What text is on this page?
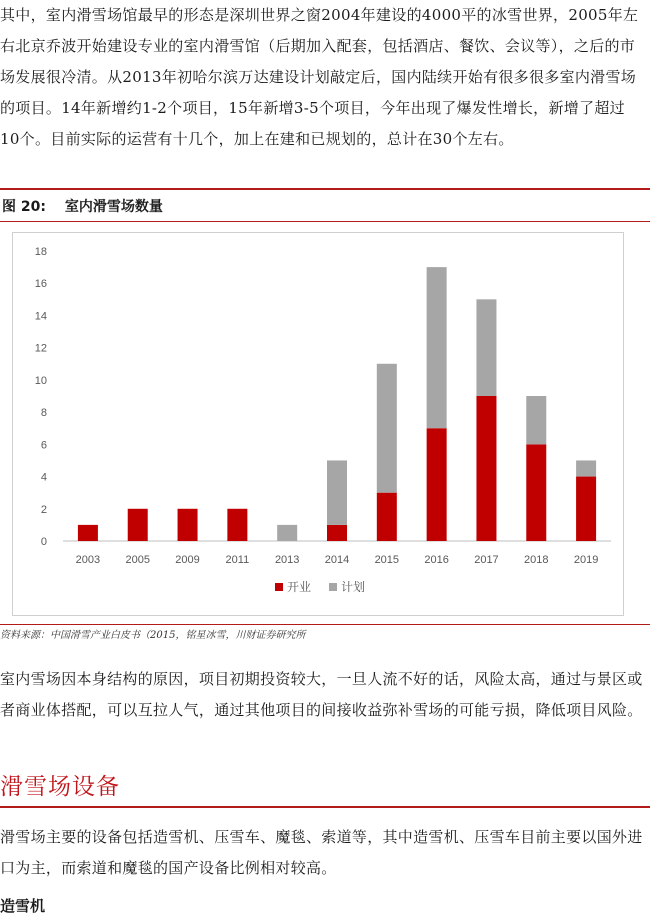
其中，室内滑雪场馆最早的形态是深圳世界之窗2004年建设的4000平的冰雪世界，2005年左右北京乔波开始建设专业的室内滑雪馆（后期加入配套，包括酒店、餐饮、会议等），之后的市场发展很冷清。从2013年初哈尔滨万达建设计划敲定后，国内陆续开始有很多很多室内滑雪场的项目。14年新增约1-2个项目，15年新增3-5个项目，今年出现了爆发性增长，新增了超过10个。目前实际的运营有十几个，加上在建和已规划的，总计在30个左右。

图 20: 室内滑雪场数量
0
2
4
6
8
10
12
14
16
18
2003 2005 2009 2011 2013 2014 2015 2016 2017 2018 2019
开业 计划
资料来源：中国滑雪产业白皮书（2015，铭星冰雪，川财证券研究所

室内雪场因本身结构的原因，项目初期投资较大，一旦人流不好的话，风险太高，通过与景区或者商业体搭配，可以互拉人气，通过其他项目的间接收益弥补雪场的可能亏损，降低项目风险。

滑雪场设备

滑雪场主要的设备包括造雪机、压雪车、魔毯、索道等，其中造雪机、压雪车目前主要以国外进口为主，而索道和魔毯的国产设备比例相对较高。

造雪机
